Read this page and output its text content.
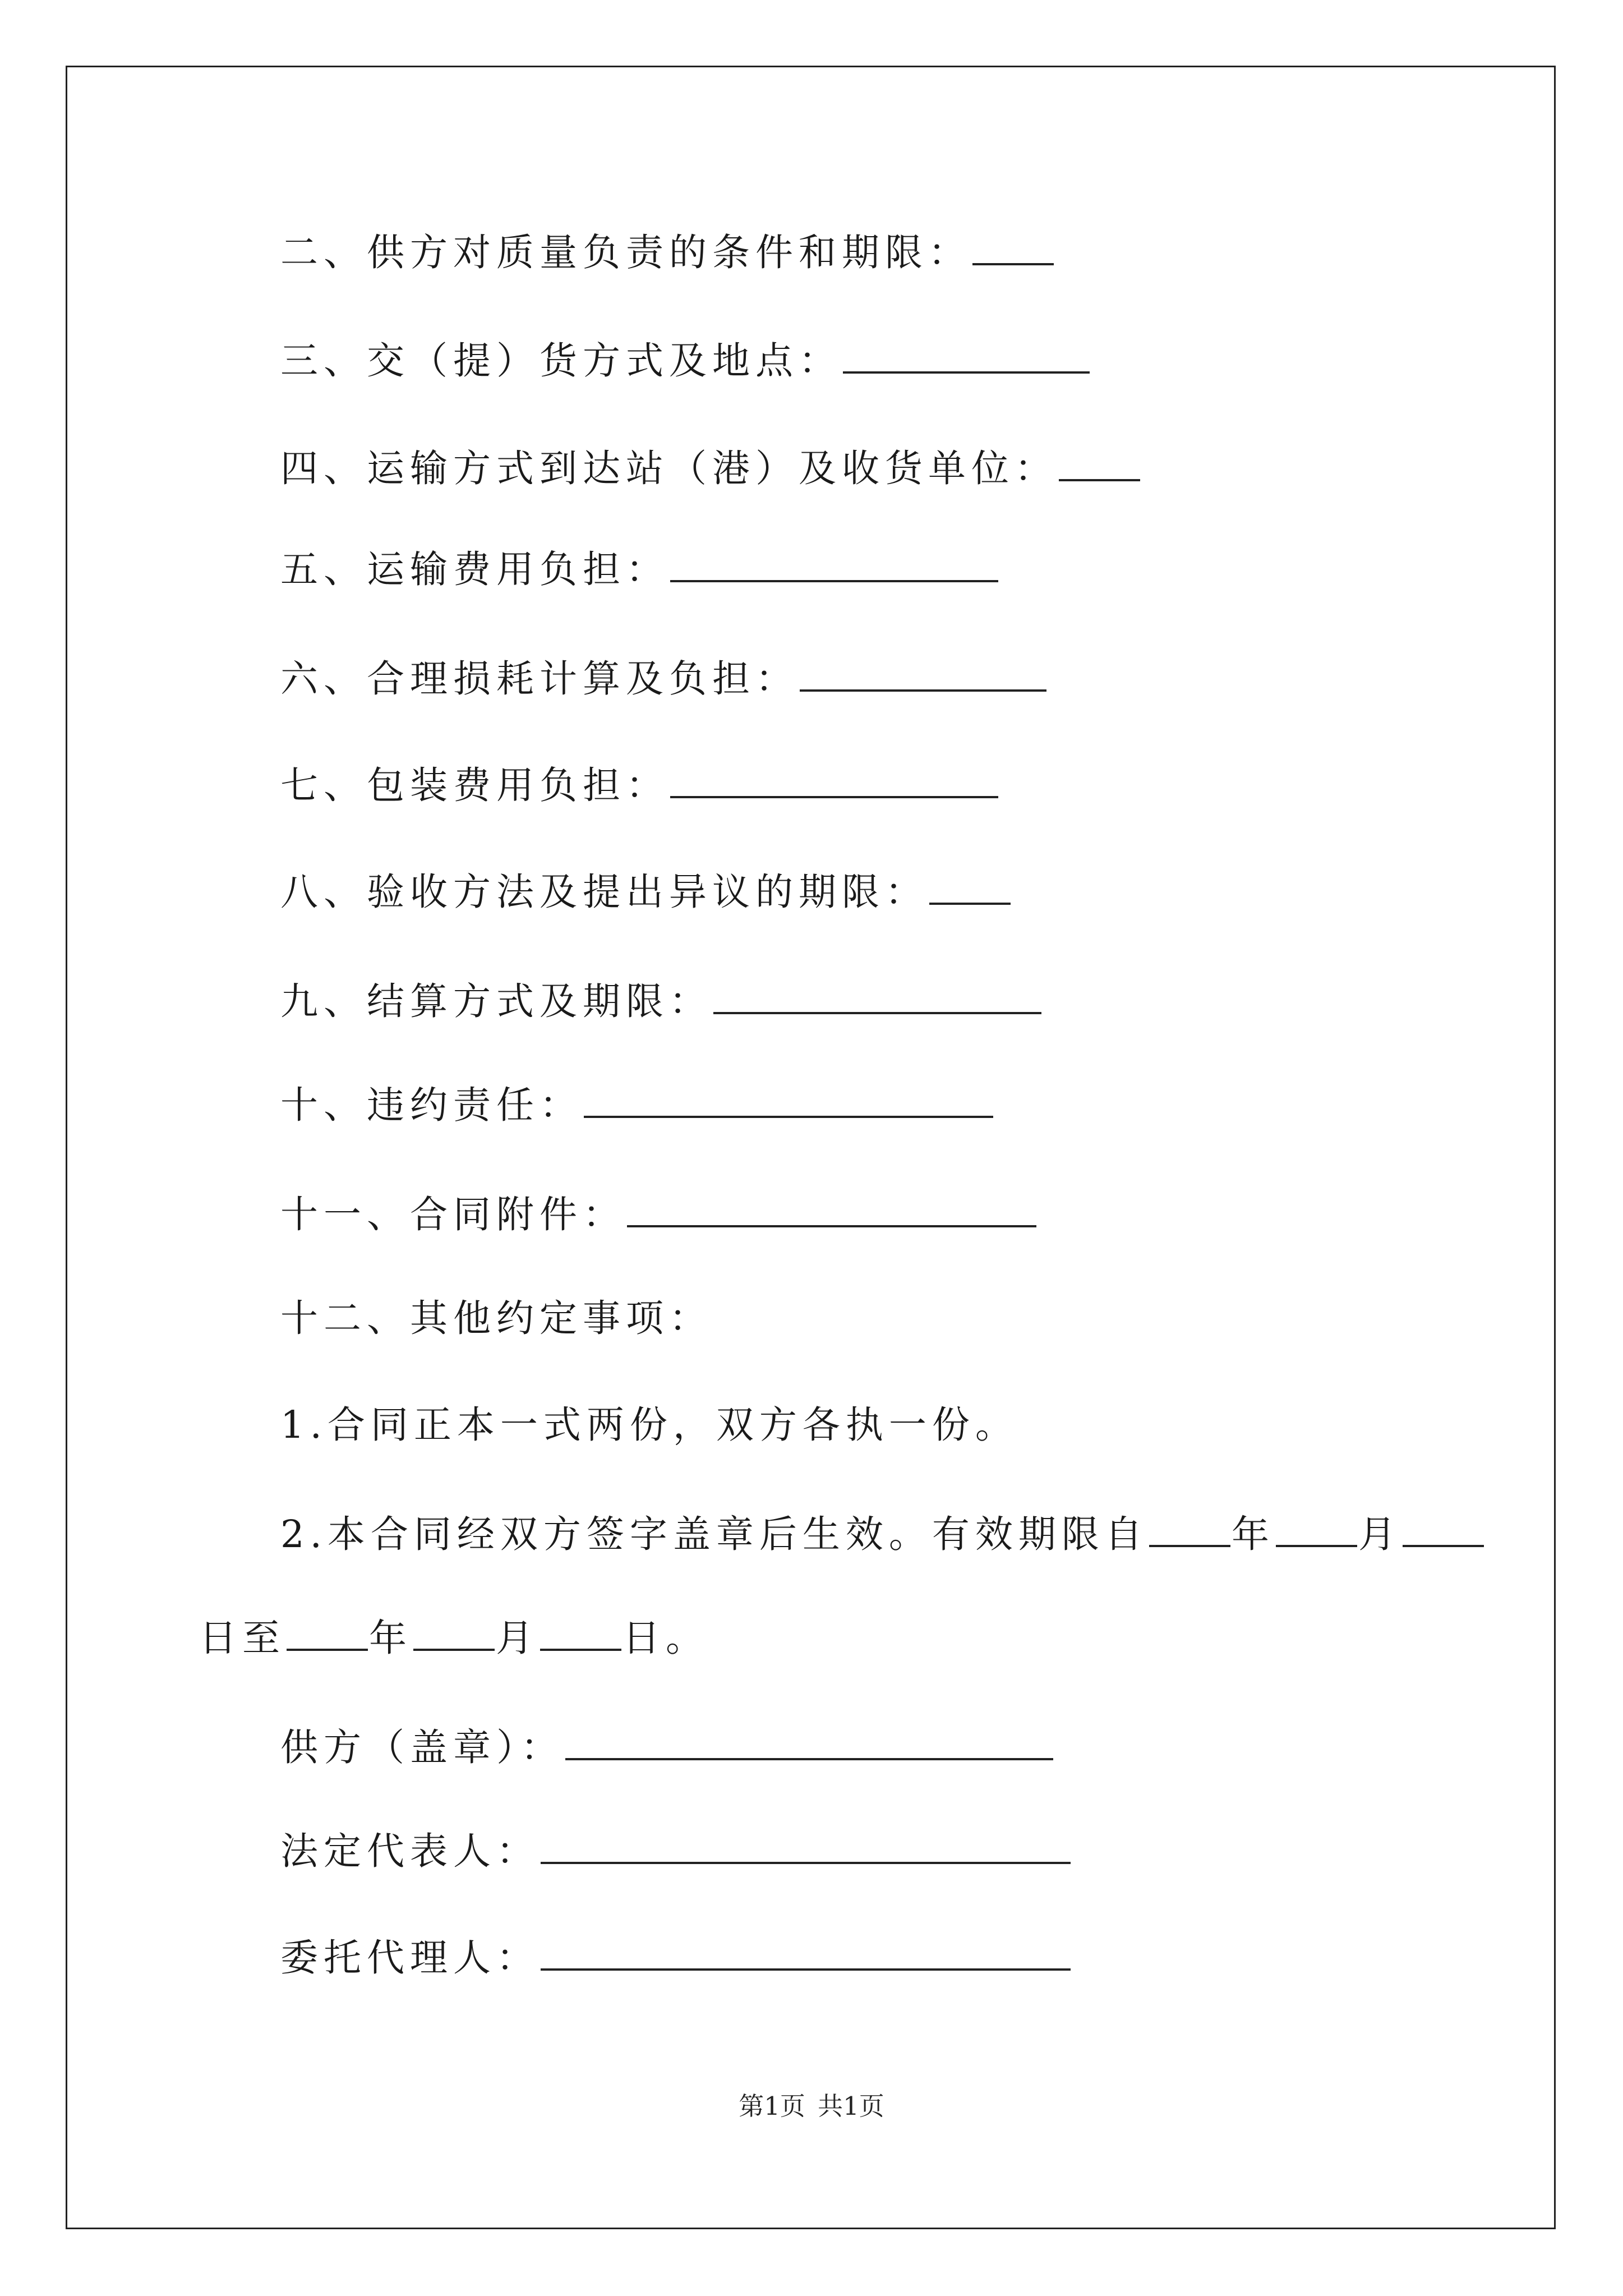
二、供方对质量负责的条件和期限：
三、交（提）货方式及地点：
四、运输方式到达站（港）及收货单位：
五、运输费用负担：
六、合理损耗计算及负担：
七、包装费用负担：
八、验收方法及提出异议的期限：
九、结算方式及期限：
十、违约责任：
十一、合同附件：
十二、其他约定事项：
1.合同正本一式两份，双方各执一份。
2.本合同经双方签字盖章后生效。有效期限自 年 月
日至 年 月 日。
供方（盖章）：
法定代表人：
委托代理人：
第1页 共1页
